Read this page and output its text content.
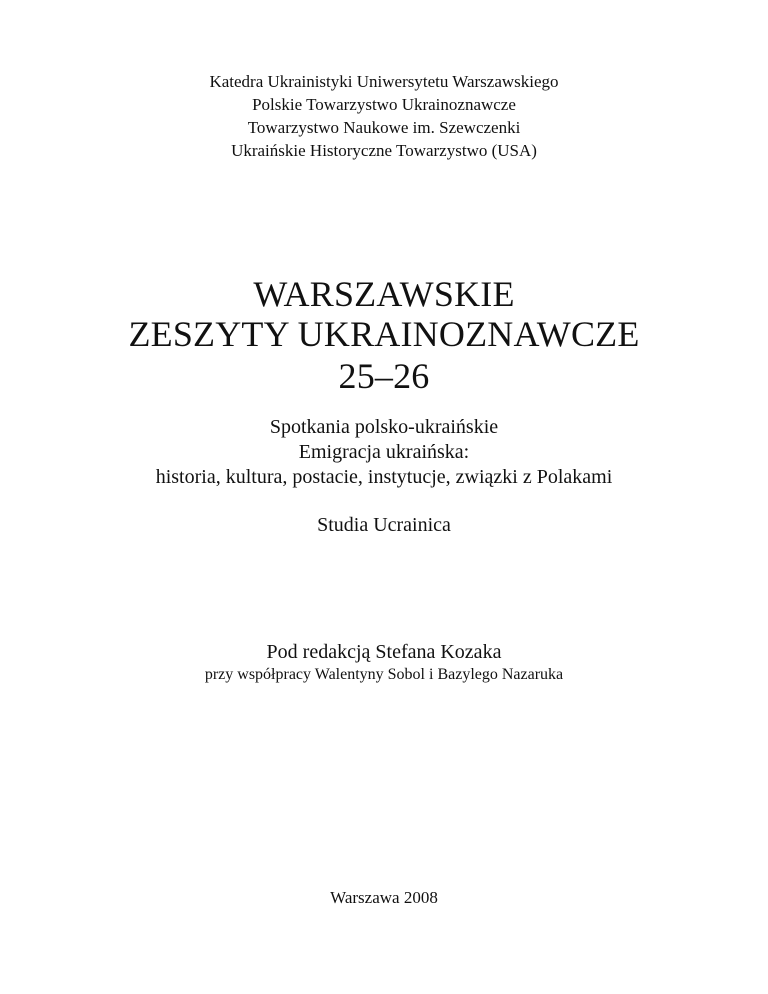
Katedra Ukrainistyki Uniwersytetu Warszawskiego
Polskie Towarzystwo Ukrainoznawcze
Towarzystwo Naukowe im. Szewczenki
Ukraińskie Historyczne Towarzystwo (USA)
WARSZAWSKIE
ZESZYTY UKRAINOZNAWCZE
25–26
Spotkania polsko-ukraińskie
Emigracja ukraińska:
historia, kultura, postacie, instytucje, związki z Polakami
Studia Ucrainica
Pod redakcją Stefana Kozaka
przy współpracy Walentyny Sobol i Bazylego Nazaruka
Warszawa 2008
